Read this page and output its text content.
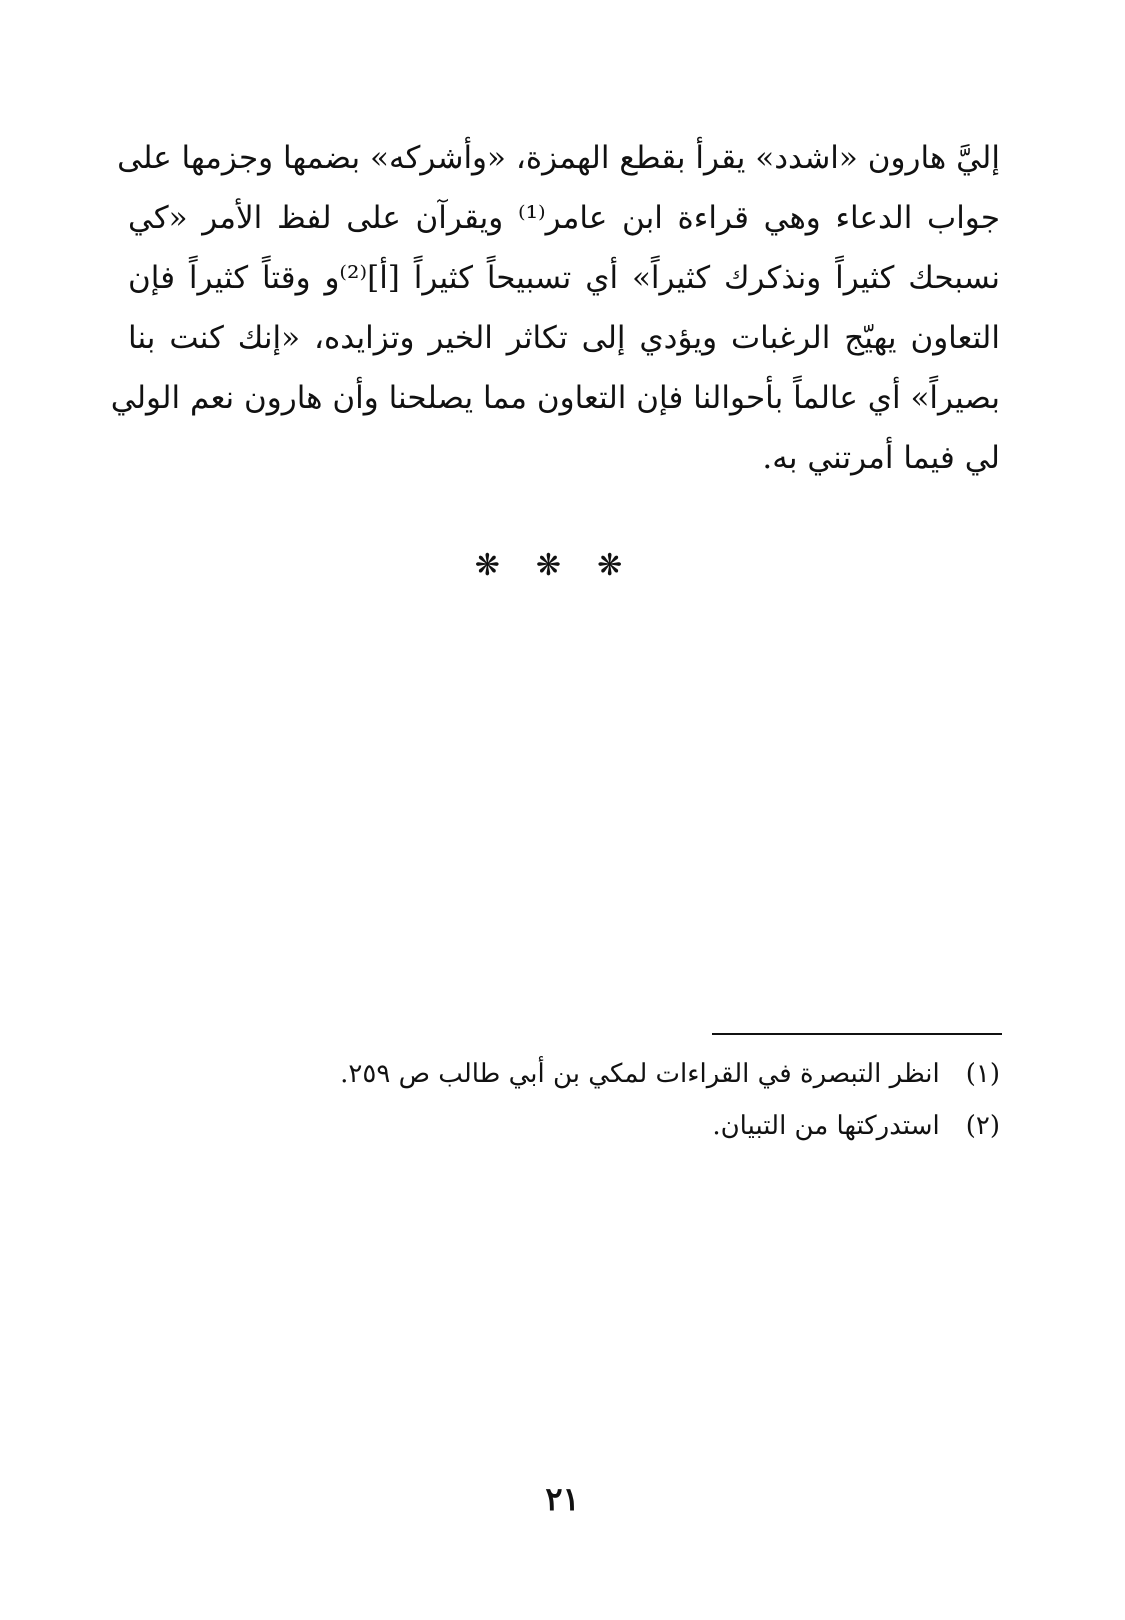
إليَّ هارون «اشدد» يقرأ بقطع الهمزة، «وأشركه» بضمها وجزمها على
جواب الدعاء وهي قراءة ابن عامر⁽¹⁾ ويقرآن على لفظ الأمر «كي
نسبحك كثيراً ونذكرك كثيراً» أي تسبيحاً كثيراً [أ]⁽²⁾و وقتاً كثيراً فإن
التعاون يهيّج الرغبات ويؤدي إلى تكاثر الخير وتزايده، «إنك كنت بنا
بصيراً» أي عالماً بأحوالنا فإن التعاون مما يصلحنا وأن هارون نعم الولي
لي فيما أمرتني به.
❋ ❋ ❋
(١) انظر التبصرة في القراءات لمكي بن أبي طالب ص ٢٥٩.
(٢) استدركتها من التبيان.
٢١
